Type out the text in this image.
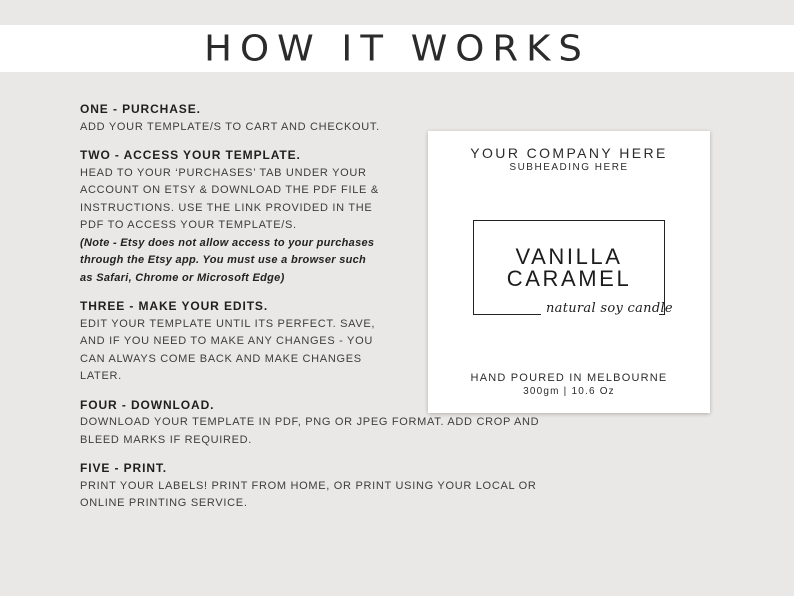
HOW IT WORKS
ONE - PURCHASE.
ADD YOUR TEMPLATE/S TO CART AND CHECKOUT.
TWO - ACCESS YOUR TEMPLATE.
HEAD TO YOUR ‘PURCHASES’ TAB UNDER YOUR ACCOUNT ON ETSY & DOWNLOAD THE PDF FILE & INSTRUCTIONS. USE THE LINK PROVIDED IN THE PDF TO ACCESS YOUR TEMPLATE/S.
(Note - Etsy does not allow access to your purchases through the Etsy app. You must use a browser such as Safari, Chrome or Microsoft Edge)
THREE - MAKE YOUR EDITS.
EDIT YOUR TEMPLATE UNTIL ITS PERFECT. SAVE, AND IF YOU NEED TO MAKE ANY CHANGES - YOU CAN ALWAYS COME BACK AND MAKE CHANGES LATER.
FOUR - DOWNLOAD.
DOWNLOAD YOUR TEMPLATE IN PDF, PNG OR JPEG FORMAT. ADD CROP AND BLEED MARKS IF REQUIRED.
FIVE - PRINT.
PRINT YOUR LABELS! PRINT FROM HOME, OR PRINT USING YOUR LOCAL OR ONLINE PRINTING SERVICE.
YOUR COMPANY HERE
SUBHEADING HERE
VANILLA
CARAMEL
natural soy candle
HAND POURED IN MELBOURNE
300gm | 10.6 Oz
